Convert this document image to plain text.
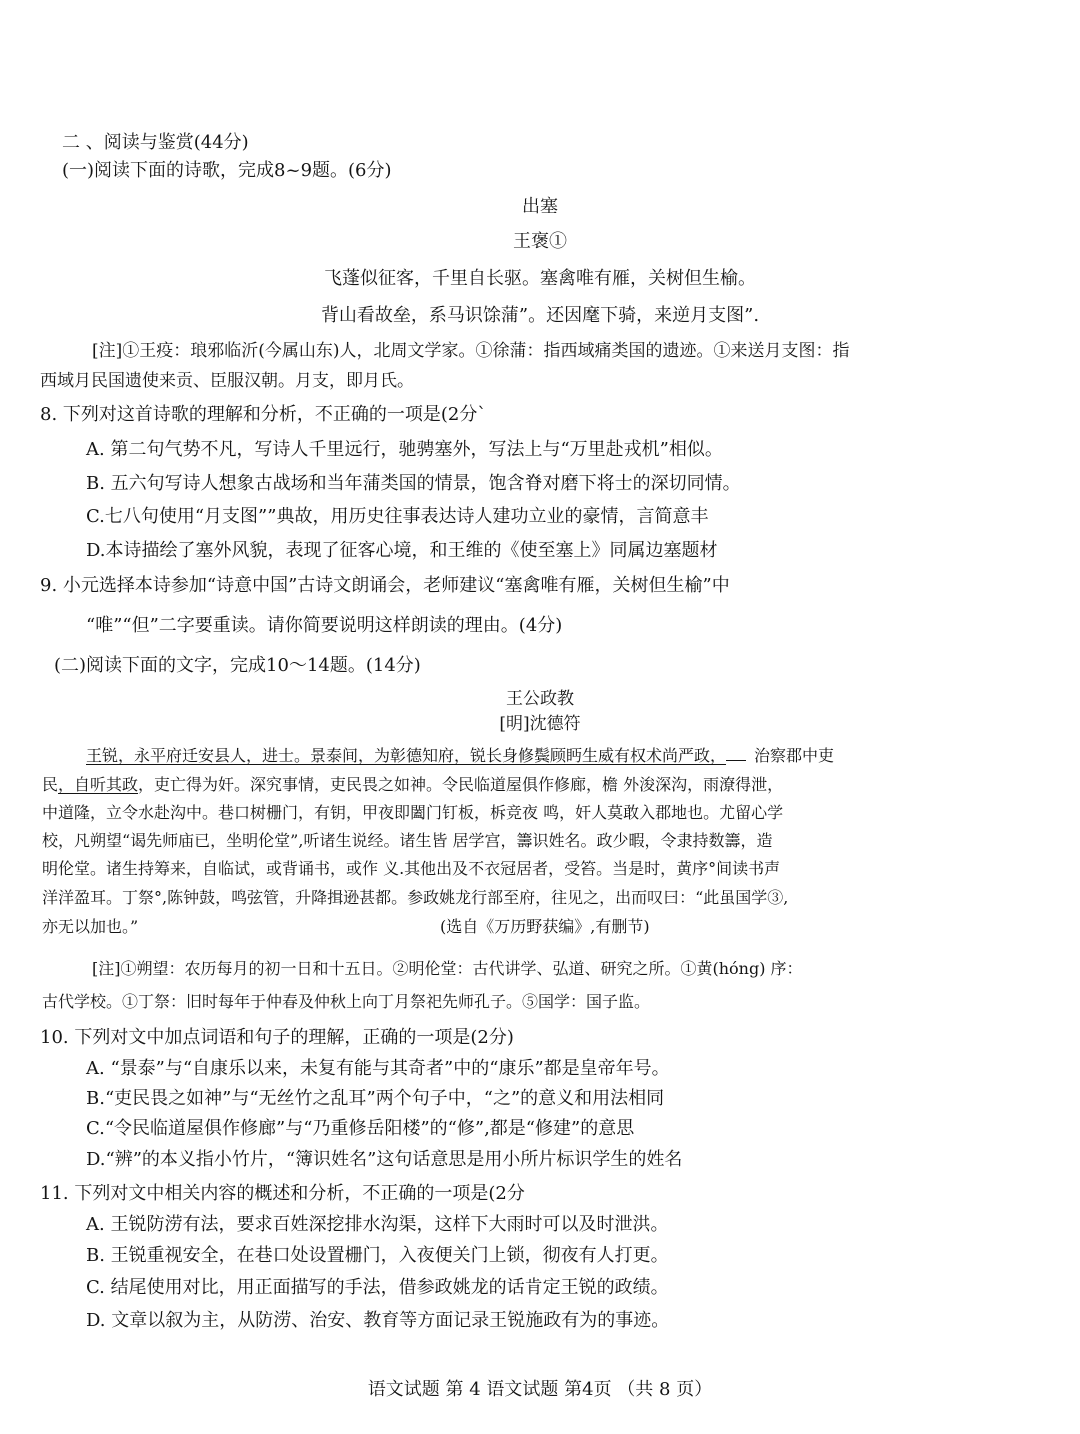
二 、阅读与鉴赏(44分)
(一)阅读下面的诗歌，完成8~9题。(6分)
出塞
王褒①
飞蓬似征客，千里自长驱。塞禽唯有雁，关树但生榆。
背山看故垒，系马识馀蒲”。还因麾下骑，来逆月支图”.
[注]①王疫：琅邪临沂(今属山东)人，北周文学家。①徐蒲：指西域痛类国的遗迹。①来送月支图：指
西域月民国遗使来贡、臣服汉朝。月支，即月氏。
8. 下列对这首诗歌的理解和分析，不正确的一项是(2分`
A. 第二句气势不凡，写诗人千里远行，驰骋塞外，写法上与“万里赴戎机”相似。
B. 五六句写诗人想象古战场和当年蒲类国的情景，饱含脊对磨下将士的深切同情。
C.七八句使用“月支图””典故，用历史往事表达诗人建功立业的豪情，言简意丰
D.本诗描绘了塞外风貌，表现了征客心境，和王维的《使至塞上》同属边塞题材
9. 小元选择本诗参加“诗意中国”古诗文朗诵会，老师建议“塞禽唯有雁，关树但生榆”中
“唯”“但”二字要重读。请你简要说明这样朗读的理由。(4分)
(二)阅读下面的文字，完成10～14题。(14分)
王公政教
[明]沈德符
王锐，永平府迁安县人，进士。景泰间，为彰德知府，锐长身修鬓顾眄生威有权术尚严政， 治察郡中吏
民，自听其政，吏亡得为奸。深究事情，吏民畏之如神。令民临道屋俱作修廊，檐 外浚深沟，雨潦得泄，
中道隆，立令水赴沟中。巷口树栅门，有钥，甲夜即闔门钉板，柝竞夜 鸣，奸人莫敢入郡地也。尤留心学
校，凡朔望“谒先师庙已，坐明伦堂”,听诸生说经。诸生皆 居学宫，籌识姓名。政少暇，令隶持数籌，造
明伦堂。诸生持筹来，自临试，或背诵书，或作 义.其他出及不衣冠居者，受笞。当是时，黄序°间读书声
洋洋盈耳。丁祭°,陈钟鼓，鸣弦管，升降揖逊甚都。参政姚龙行部至府，往见之，出而叹曰：“此虽国学③,
亦无以加也。”	(选自《万历野获编》,有删节)
[注]①朔望：农历每月的初一日和十五日。②明伦堂：古代讲学、弘道、研究之所。①黄(hóng) 序：
古代学校。①丁祭：旧时每年于仲春及仲秋上向丁月祭祀先师孔子。⑤国学：国子监。
10. 下列对文中加点词语和句子的理解，正确的一项是(2分)
A. “景泰”与“自康乐以来，未复有能与其奇者”中的“康乐”都是皇帝年号。
B.“吏民畏之如神”与“无丝竹之乱耳”两个句子中，“之”的意义和用法相同
C.“令民临道屋俱作修廊”与“乃重修岳阳楼”的“修”,都是“修建”的意思
D.“辨”的本义指小竹片，“簿识姓名”这句话意思是用小所片标识学生的姓名
11. 下列对文中相关内容的概述和分析，不正确的一项是(2分
A. 王锐防涝有法，要求百姓深挖排水沟渠，这样下大雨时可以及时泄洪。
B. 王锐重视安全，在巷口处设置栅门，入夜便关门上锁，彻夜有人打更。
C. 结尾使用对比，用正面描写的手法，借参政姚龙的话肯定王锐的政绩。
D. 文章以叙为主，从防涝、治安、教育等方面记录王锐施政有为的事迹。
语文试题 第 4 语文试题 第4页 （共 8 页）
